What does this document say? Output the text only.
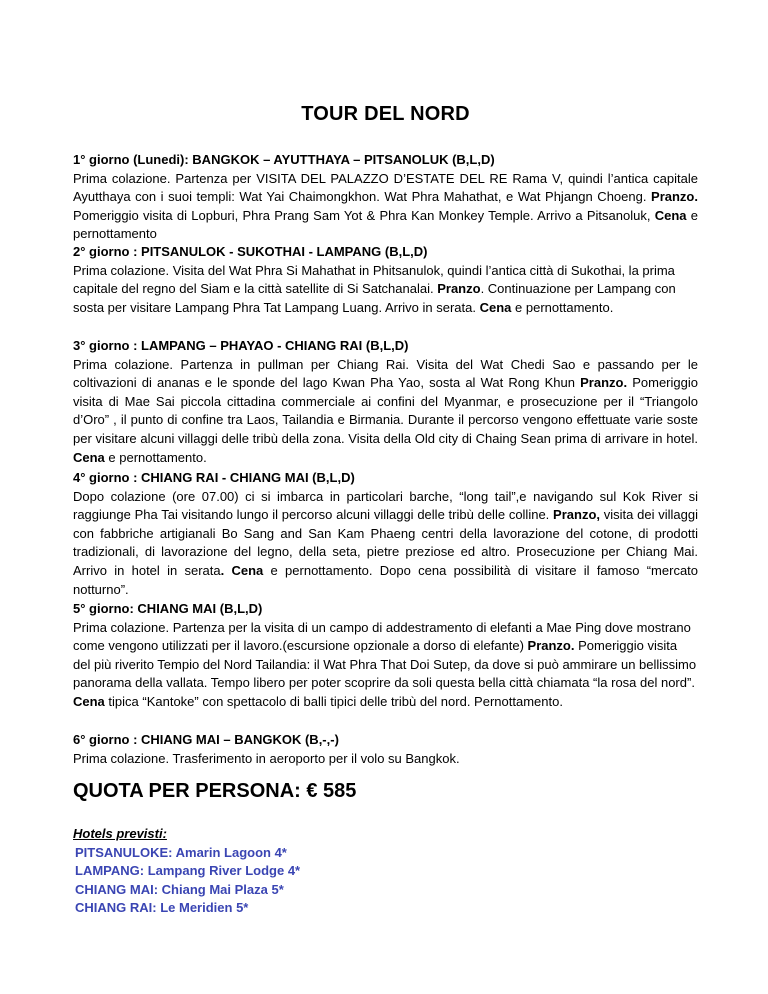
TOUR DEL NORD
1° giorno (Lunedi): BANGKOK – AYUTTHAYA – PITSANOLUK (B,L,D)
Prima colazione. Partenza per VISITA DEL PALAZZO D’ESTATE DEL RE Rama V, quindi l’antica capitale Ayutthaya con i suoi templi: Wat Yai Chaimongkhon. Wat Phra Mahathat, e Wat Phjangn Choeng. Pranzo. Pomeriggio visita di Lopburi, Phra Prang Sam Yot & Phra Kan Monkey Temple. Arrivo a Pitsanoluk, Cena e pernottamento
2° giorno : PITSANULOK - SUKOTHAI - LAMPANG (B,L,D)
Prima colazione. Visita del Wat Phra Si Mahathat in Phitsanulok, quindi l’antica città di Sukothai, la prima capitale del regno del Siam e la città satellite di Si Satchanalai. Pranzo. Continuazione per Lampang con sosta per visitare Lampang Phra Tat Lampang Luang. Arrivo in serata. Cena e pernottamento.
3° giorno : LAMPANG – PHAYAO - CHIANG RAI (B,L,D)
Prima colazione. Partenza in pullman per Chiang Rai. Visita del Wat Chedi Sao e passando per le coltivazioni di ananas e le sponde del lago Kwan Pha Yao, sosta al Wat Rong Khun Pranzo. Pomeriggio visita di Mae Sai piccola cittadina commerciale ai confini del Myanmar, e prosecuzione per il “Triangolo d’Oro” , il punto di confine tra Laos, Tailandia e Birmania. Durante il percorso vengono effettuate varie soste per visitare alcuni villaggi delle tribù della zona. Visita della Old city di Chaing Sean prima di arrivare in hotel. Cena e pernottamento.
4° giorno : CHIANG RAI - CHIANG MAI (B,L,D)
Dopo colazione (ore 07.00) ci si imbarca in particolari barche, “long tail”,e navigando sul Kok River si raggiunge Pha Tai visitando lungo il percorso alcuni villaggi delle tribù delle colline. Pranzo, visita dei villaggi con fabbriche artigianali Bo Sang and San Kam Phaeng centri della lavorazione del cotone, di prodotti tradizionali, di lavorazione del legno, della seta, pietre preziose ed altro. Prosecuzione per Chiang Mai. Arrivo in hotel in serata. Cena e pernottamento. Dopo cena possibilità di visitare il famoso “mercato notturno”.
5° giorno: CHIANG MAI (B,L,D)
Prima colazione. Partenza per la visita di un campo di addestramento di elefanti a Mae Ping dove mostrano come vengono utilizzati per il lavoro.(escursione opzionale a dorso di elefante) Pranzo. Pomeriggio visita del più riverito Tempio del Nord Tailandia: il Wat Phra That Doi Sutep, da dove si può ammirare un bellissimo panorama della vallata. Tempo libero per poter scoprire da soli questa bella città chiamata “la rosa del nord”. Cena tipica “Kantoke” con spettacolo di balli tipici delle tribù del nord. Pernottamento.
6° giorno : CHIANG MAI – BANGKOK (B,-,-)
Prima colazione. Trasferimento in aeroporto per il volo su Bangkok.
QUOTA PER PERSONA: € 585
Hotels previsti:
PITSANULOKE: Amarin Lagoon 4*
LAMPANG: Lampang River Lodge 4*
CHIANG MAI: Chiang Mai Plaza 5*
CHIANG RAI: Le Meridien 5*
